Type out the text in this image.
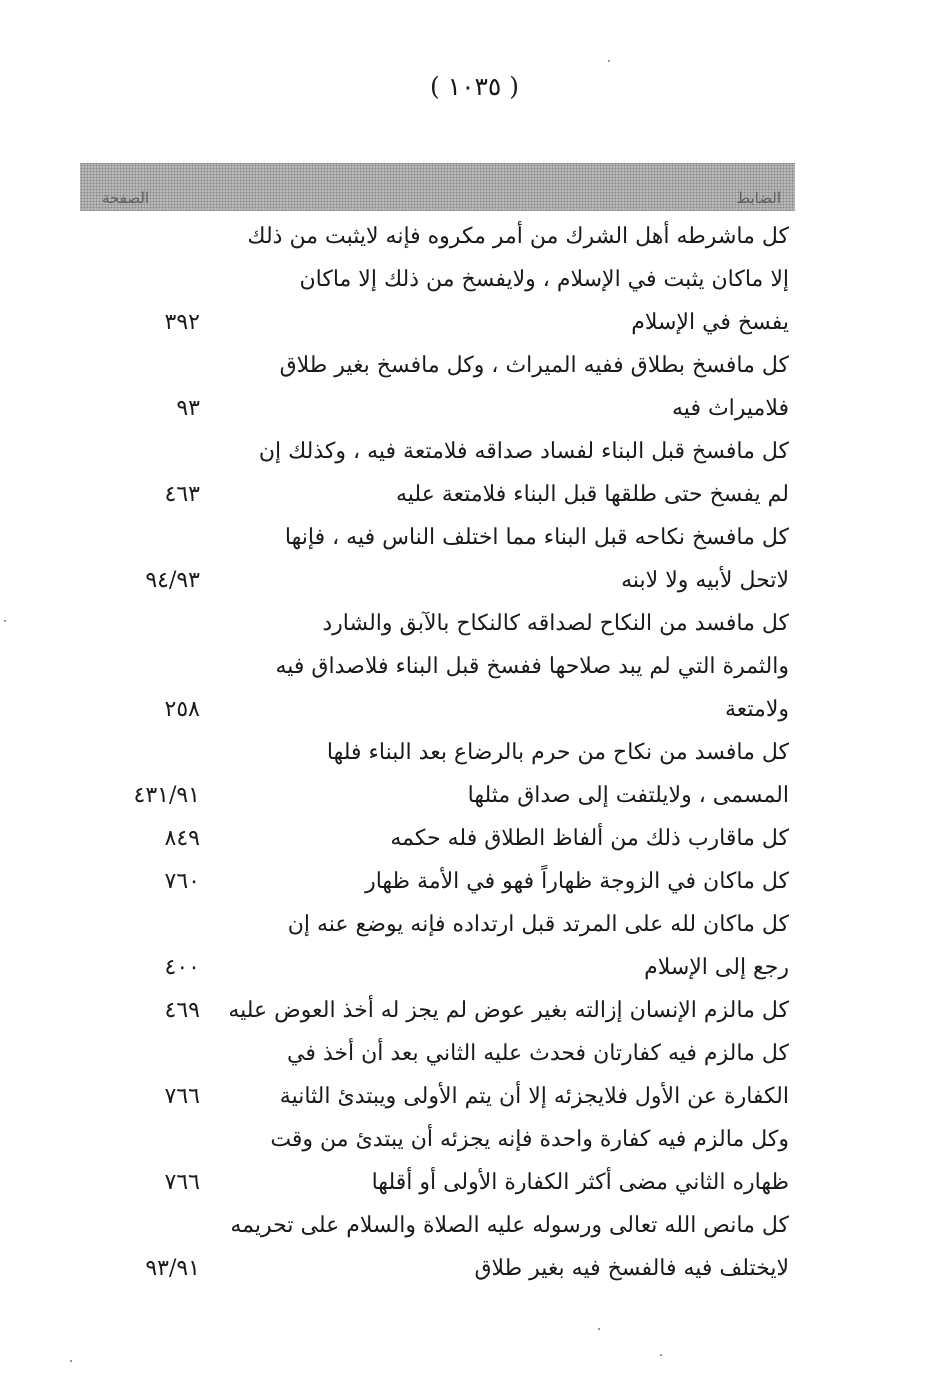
( ١٠٣٥ )
الضابط
الصفحة
كل ماشرطه أهل الشرك من أمر مكروه فإنه لايثبت من ذلك
إلا ماكان يثبت في الإسلام ، ولايفسخ من ذلك إلا ماكان
يفسخ في الإسلام
٣٩٢
كل مافسخ بطلاق ففيه الميراث ، وكل مافسخ بغير طلاق
فلاميراث فيه
٩٣
كل مافسخ قبل البناء لفساد صداقه فلامتعة فيه ، وكذلك إن
لم يفسخ حتى طلقها قبل البناء فلامتعة عليه
٤٦٣
كل مافسخ نكاحه قبل البناء مما اختلف الناس فيه ، فإنها
لاتحل لأبيه ولا لابنه
٩٤/٩٣
كل مافسد من النكاح لصداقه كالنكاح بالآبق والشارد
والثمرة التي لم يبد صلاحها ففسخ قبل البناء فلاصداق فيه
ولامتعة
٢٥٨
كل مافسد من نكاح من حرم بالرضاع بعد البناء فلها
المسمى ، ولايلتفت إلى صداق مثلها
٤٣١/٩١
كل ماقارب ذلك من ألفاظ الطلاق فله حكمه
٨٤٩
كل ماكان في الزوجة ظهاراً فهو في الأمة ظهار
٧٦٠
كل ماكان لله على المرتد قبل ارتداده فإنه يوضع عنه إن
رجع إلى الإسلام
٤٠٠
كل مالزم الإنسان إزالته بغير عوض لم يجز له أخذ العوض عليه
٤٦٩
كل مالزم فيه كفارتان فحدث عليه الثاني بعد أن أخذ في
الكفارة عن الأول فلايجزئه إلا أن يتم الأولى ويبتدئ الثانية
٧٦٦
وكل مالزم فيه كفارة واحدة فإنه يجزئه أن يبتدئ من وقت
ظهاره الثاني مضى أكثر الكفارة الأولى أو أقلها
٧٦٦
كل مانص الله تعالى ورسوله عليه الصلاة والسلام على تحريمه
لايختلف فيه فالفسخ فيه بغير طلاق
٩٣/٩١
